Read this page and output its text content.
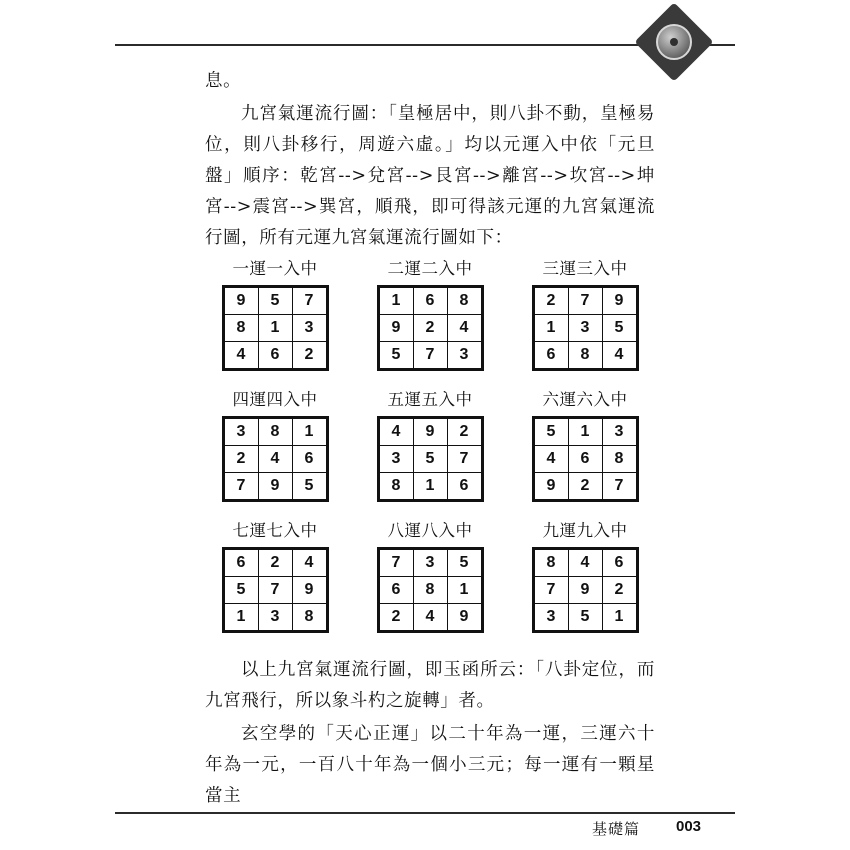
息。

九宮氣運流行圖：「皇極居中，則八卦不動，皇極易位，則八卦移行，周遊六虛。」均以元運入中依「元旦盤」順序：乾宮-->兌宮-->艮宮-->離宮-->坎宮-->坤宮-->震宮-->巽宮，順飛，即可得該元運的九宮氣運流行圖，所有元運九宮氣運流行圖如下：

一運一入中
9	5	7
8	1	3
4	6	2
二運二入中
1	6	8
9	2	4
5	7	3
三運三入中
2	7	9
1	3	5
6	8	4
四運四入中
3	8	1
2	4	6
7	9	5
五運五入中
4	9	2
3	5	7
8	1	6
六運六入中
5	1	3
4	6	8
9	2	7
七運七入中
6	2	4
5	7	9
1	3	8
八運八入中
7	3	5
6	8	1
2	4	9
九運九入中
8	4	6
7	9	2
3	5	1

以上九宮氣運流行圖，即玉函所云：「八卦定位，而九宮飛行，所以象斗杓之旋轉」者。

玄空學的「天心正運」以二十年為一運，三運六十年為一元，一百八十年為一個小三元；每一運有一顆星當主

基礎篇 003
